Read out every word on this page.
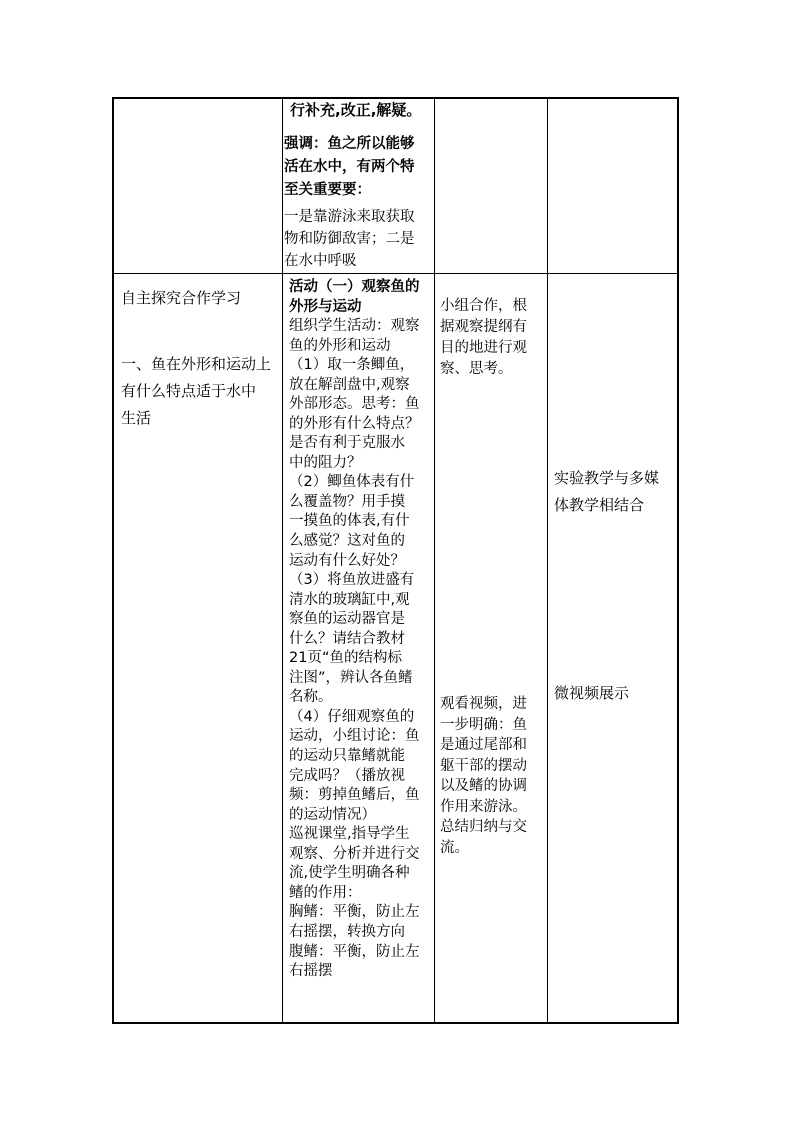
行补充,改正,解疑。

强调：鱼之所以能够
活在水中，有两个特
至关重要要：

一是靠游泳来取获取
物和防御敌害；二是
在水中呼吸

自主探究合作学习

一、鱼在外形和运动上
有什么特点适于水中
生活

活动（一）观察鱼的
外形与运动

组织学生活动：观察
鱼的外形和运动
（1）取一条鲫鱼，
放在解剖盘中,观察
外部形态。思考：鱼
的外形有什么特点？
是否有利于克服水
中的阻力？
（2）鲫鱼体表有什
么覆盖物？用手摸
一摸鱼的体表,有什
么感觉？这对鱼的
运动有什么好处？
（3）将鱼放进盛有
清水的玻璃缸中,观
察鱼的运动器官是
什么？请结合教材
21页“鱼的结构标
注图”，辨认各鱼鳍
名称。
（4）仔细观察鱼的
运动，小组讨论：鱼
的运动只靠鳍就能
完成吗？（播放视
频：剪掉鱼鳍后，鱼
的运动情况）
巡视课堂,指导学生
观察、分析并进行交
流,使学生明确各种
鳍的作用：
胸鳍：平衡，防止左
右摇摆，转换方向
腹鳍：平衡，防止左
右摇摆

小组合作，根
据观察提纲有
目的地进行观
察、思考。

观看视频，进
一步明确：鱼
是通过尾部和
躯干部的摆动
以及鳍的协调
作用来游泳。
总结归纳与交
流。

实验教学与多媒
体教学相结合

微视频展示
